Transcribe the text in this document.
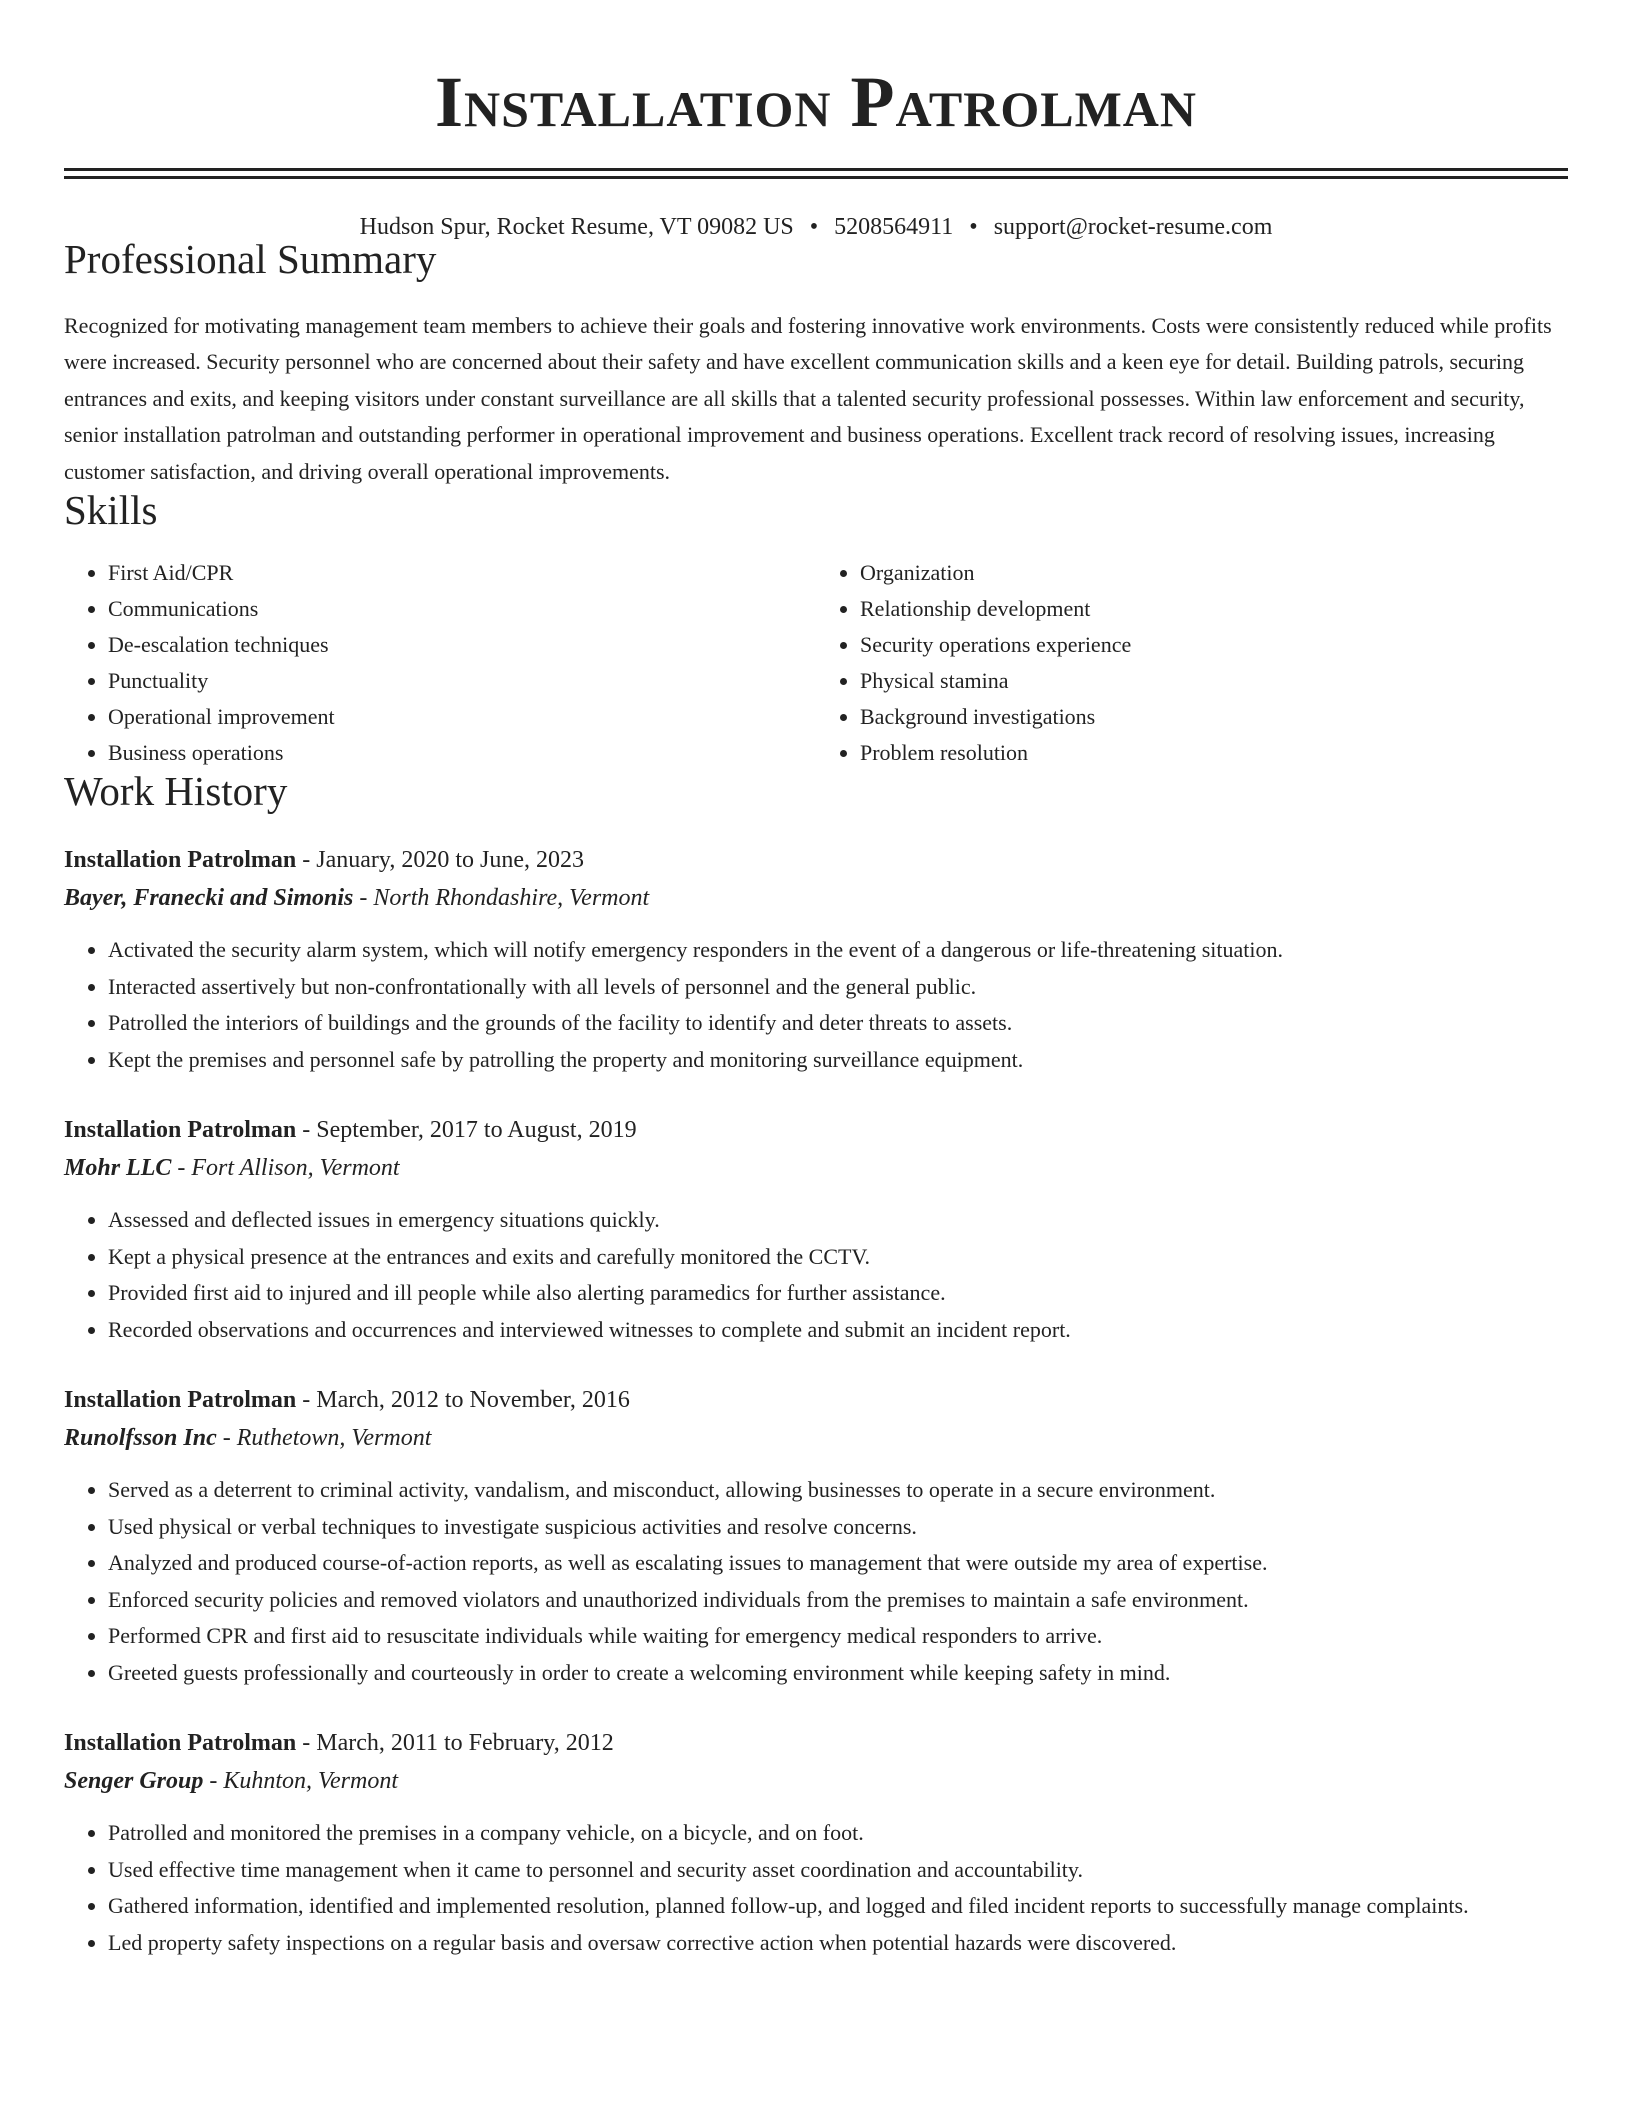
Installation Patrolman
Hudson Spur, Rocket Resume, VT 09082 US • 5208564911 • support@rocket-resume.com
Professional Summary

Recognized for motivating management team members to achieve their goals and fostering innovative work environments. Costs were consistently reduced while profits were increased. Security personnel who are concerned about their safety and have excellent communication skills and a keen eye for detail. Building patrols, securing entrances and exits, and keeping visitors under constant surveillance are all skills that a talented security professional possesses. Within law enforcement and security, senior installation patrolman and outstanding performer in operational improvement and business operations. Excellent track record of resolving issues, increasing customer satisfaction, and driving overall operational improvements.

Skills
• First Aid/CPR
• Communications
• De-escalation techniques
• Punctuality
• Operational improvement
• Business operations
• Organization
• Relationship development
• Security operations experience
• Physical stamina
• Background investigations
• Problem resolution
Work History
Installation Patrolman - January, 2020 to June, 2023
Bayer, Franecki and Simonis - North Rhondashire, Vermont
• Activated the security alarm system, which will notify emergency responders in the event of a dangerous or life-threatening situation.
• Interacted assertively but non-confrontationally with all levels of personnel and the general public.
• Patrolled the interiors of buildings and the grounds of the facility to identify and deter threats to assets.
• Kept the premises and personnel safe by patrolling the property and monitoring surveillance equipment.
Installation Patrolman - September, 2017 to August, 2019
Mohr LLC - Fort Allison, Vermont
• Assessed and deflected issues in emergency situations quickly.
• Kept a physical presence at the entrances and exits and carefully monitored the CCTV.
• Provided first aid to injured and ill people while also alerting paramedics for further assistance.
• Recorded observations and occurrences and interviewed witnesses to complete and submit an incident report.
Installation Patrolman - March, 2012 to November, 2016
Runolfsson Inc - Ruthetown, Vermont
• Served as a deterrent to criminal activity, vandalism, and misconduct, allowing businesses to operate in a secure environment.
• Used physical or verbal techniques to investigate suspicious activities and resolve concerns.
• Analyzed and produced course-of-action reports, as well as escalating issues to management that were outside my area of expertise.
• Enforced security policies and removed violators and unauthorized individuals from the premises to maintain a safe environment.
• Performed CPR and first aid to resuscitate individuals while waiting for emergency medical responders to arrive.
• Greeted guests professionally and courteously in order to create a welcoming environment while keeping safety in mind.
Installation Patrolman - March, 2011 to February, 2012
Senger Group - Kuhnton, Vermont
• Patrolled and monitored the premises in a company vehicle, on a bicycle, and on foot.
• Used effective time management when it came to personnel and security asset coordination and accountability.
• Gathered information, identified and implemented resolution, planned follow-up, and logged and filed incident reports to successfully manage complaints.
• Led property safety inspections on a regular basis and oversaw corrective action when potential hazards were discovered.
